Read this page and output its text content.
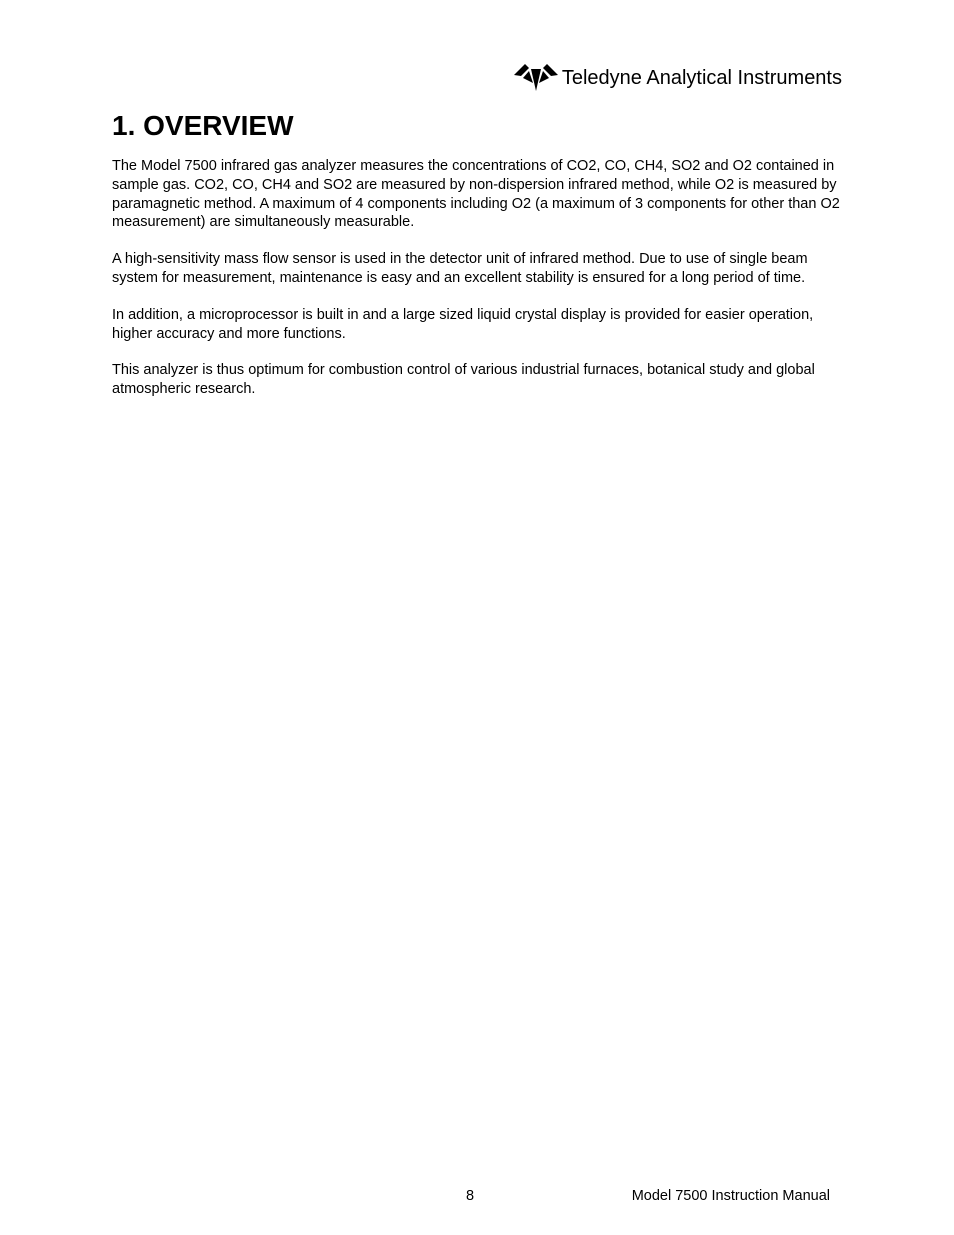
Teledyne Analytical Instruments
1. OVERVIEW

The Model 7500 infrared gas analyzer measures the concentrations of CO2, CO, CH4, SO2 and O2 contained in sample gas. CO2, CO, CH4 and SO2 are measured by non-dispersion infrared method, while O2 is measured by paramagnetic method. A maximum of 4 components including O2 (a maximum of 3 components for other than O2 measurement) are simultaneously measurable.

A high-sensitivity mass flow sensor is used in the detector unit of infrared method. Due to use of single beam system for measurement, maintenance is easy and an excellent stability is ensured for a long period of time.

In addition, a microprocessor is built in and a large sized liquid crystal display is provided for easier operation, higher accuracy and more functions.

This analyzer is thus optimum for combustion control of various industrial furnaces, botanical study and global atmospheric research.

8	Model 7500 Instruction Manual
